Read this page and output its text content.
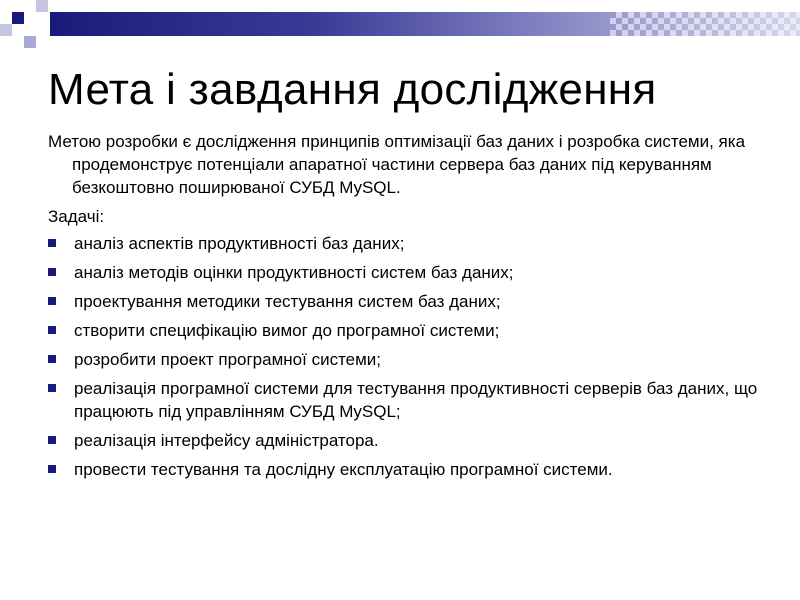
Мета і завдання дослідження

Метою розробки є дослідження принципів оптимізації баз даних і розробка системи, яка продемонструє потенціали апаратної частини сервера баз даних під керуванням безкоштовно поширюваної СУБД MySQL.

Задачі:
аналіз аспектів продуктивності баз даних;
аналіз методів оцінки продуктивності систем баз даних;
проектування методики тестування систем баз даних;
створити специфікацію вимог до програмної системи;
розробити проект програмної системи;
реалізація програмної системи для тестування продуктивності серверів баз даних, що працюють під управлінням СУБД MySQL;
реалізація інтерфейсу адміністратора.
провести тестування та дослідну експлуатацію програмної системи.
